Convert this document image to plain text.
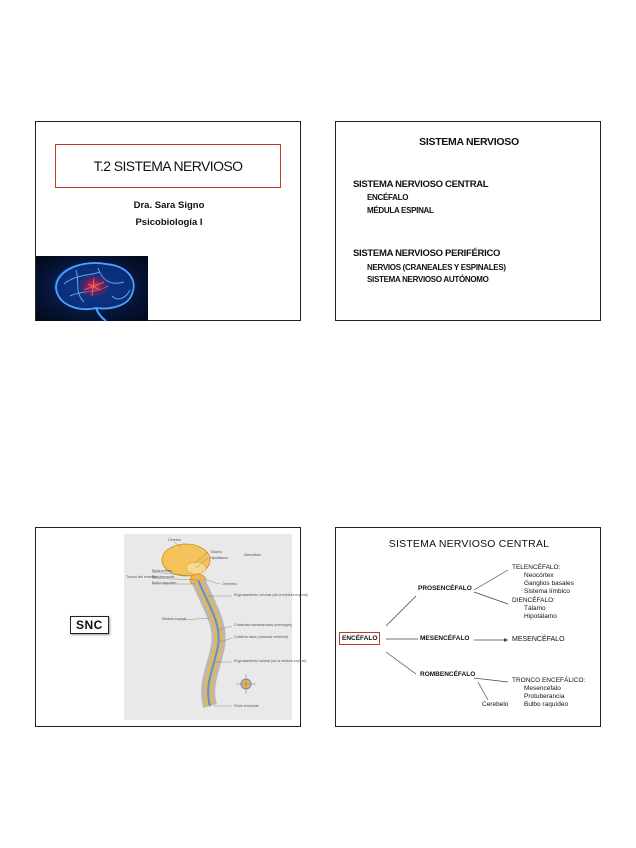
T.2 SISTEMA NERVIOSO
Dra. Sara Signo
Psicobiología I
SISTEMA NERVIOSO
SISTEMA NERVIOSO CENTRAL
ENCÉFALO
MÉDULA ESPINAL
SISTEMA NERVIOSO PERIFÉRICO
NERVIOS (CRANEALES Y ESPINALES)
SISTEMA NERVIOSO AUTÓNOMO
SNC
Cerebro
Tálamo
Hipotálamo
Diencéfalo
Tronco del encéfalo
Mesencéfalo
Protuberancia
Bulbo raquídeo	Cerebelo
Engrosamiento cervical (de la médula espinal)
Médula espinal
Cubiertas membranosas (meninges)
Cubierta ósea (columna vertebral)
Engrosamiento lumbar (de la médula espinal)
Filum terminale
SISTEMA NERVIOSO CENTRAL
ENCÉFALO
PROSENCÉFALO
MESENCÉFALO
ROMBENCÉFALO
TELENCÉFALO:
Neocórtex
Ganglios basales
Sistema límbico
DIENCÉFALO:
Tálamo
Hipotálamo
MESENCÉFALO
TRONCO ENCEFÁLICO:
Mesencéfalo
Protuberancia
Bulbo raquídeo
Cerebelo
